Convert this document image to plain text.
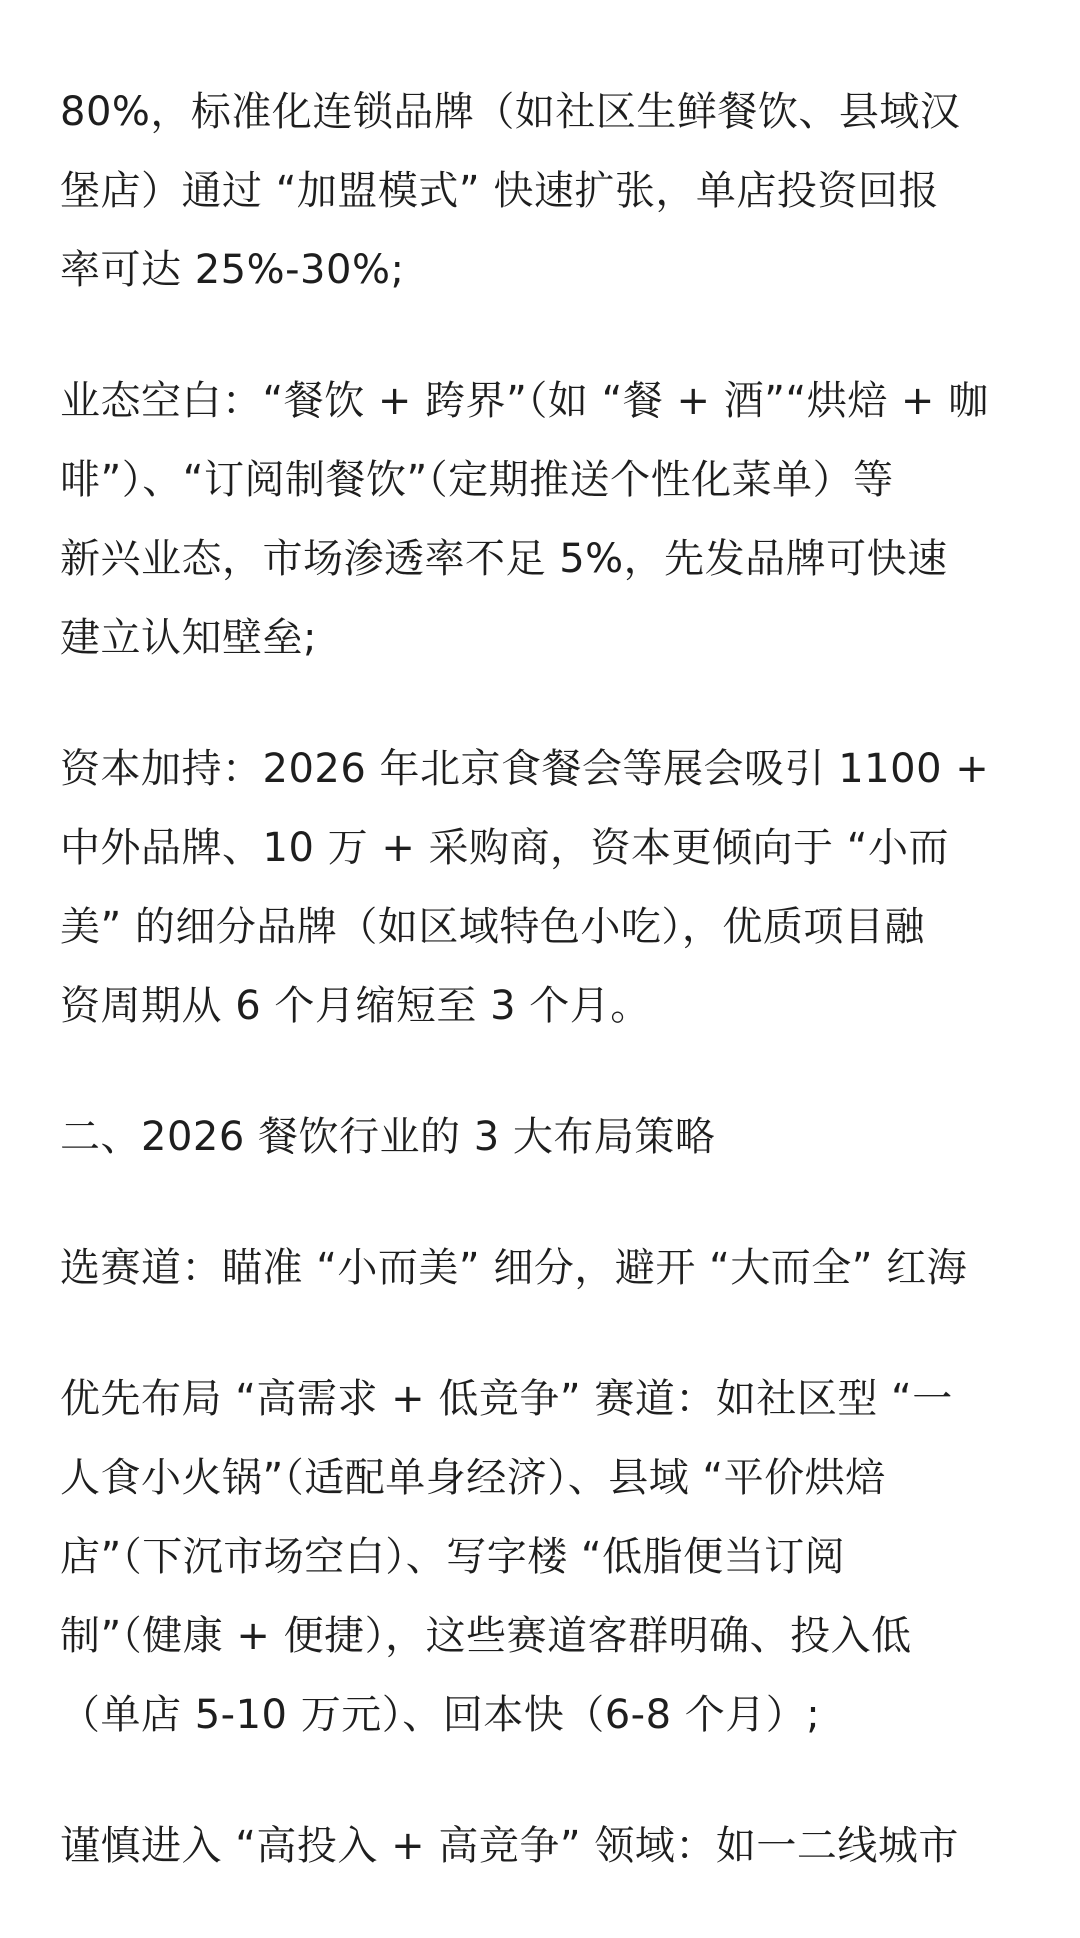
80%，标准化连锁品牌（如社区生鲜餐饮、县域汉
堡店）通过 “加盟模式” 快速扩张，单店投资回报
率可达 25%-30%;

业态空白：“餐饮 + 跨界”（如 “餐 + 酒”“烘焙 + 咖
啡”）、“订阅制餐饮”（定期推送个性化菜单）等
新兴业态，市场渗透率不足 5%，先发品牌可快速
建立认知壁垒;

资本加持：2026 年北京食餐会等展会吸引 1100 +
中外品牌、10 万 + 采购商，资本更倾向于 “小而
美” 的细分品牌（如区域特色小吃），优质项目融
资周期从 6 个月缩短至 3 个月。

二、2026 餐饮行业的 3 大布局策略

选赛道：瞄准 “小而美” 细分，避开 “大而全” 红海

优先布局 “高需求 + 低竞争” 赛道：如社区型 “一
人食小火锅”（适配单身经济）、县域 “平价烘焙
店”（下沉市场空白）、写字楼 “低脂便当订阅
制”（健康 + 便捷），这些赛道客群明确、投入低
（单店 5-10 万元）、回本快（6-8 个月）;

谨慎进入 “高投入 + 高竞争” 领域：如一二线城市
